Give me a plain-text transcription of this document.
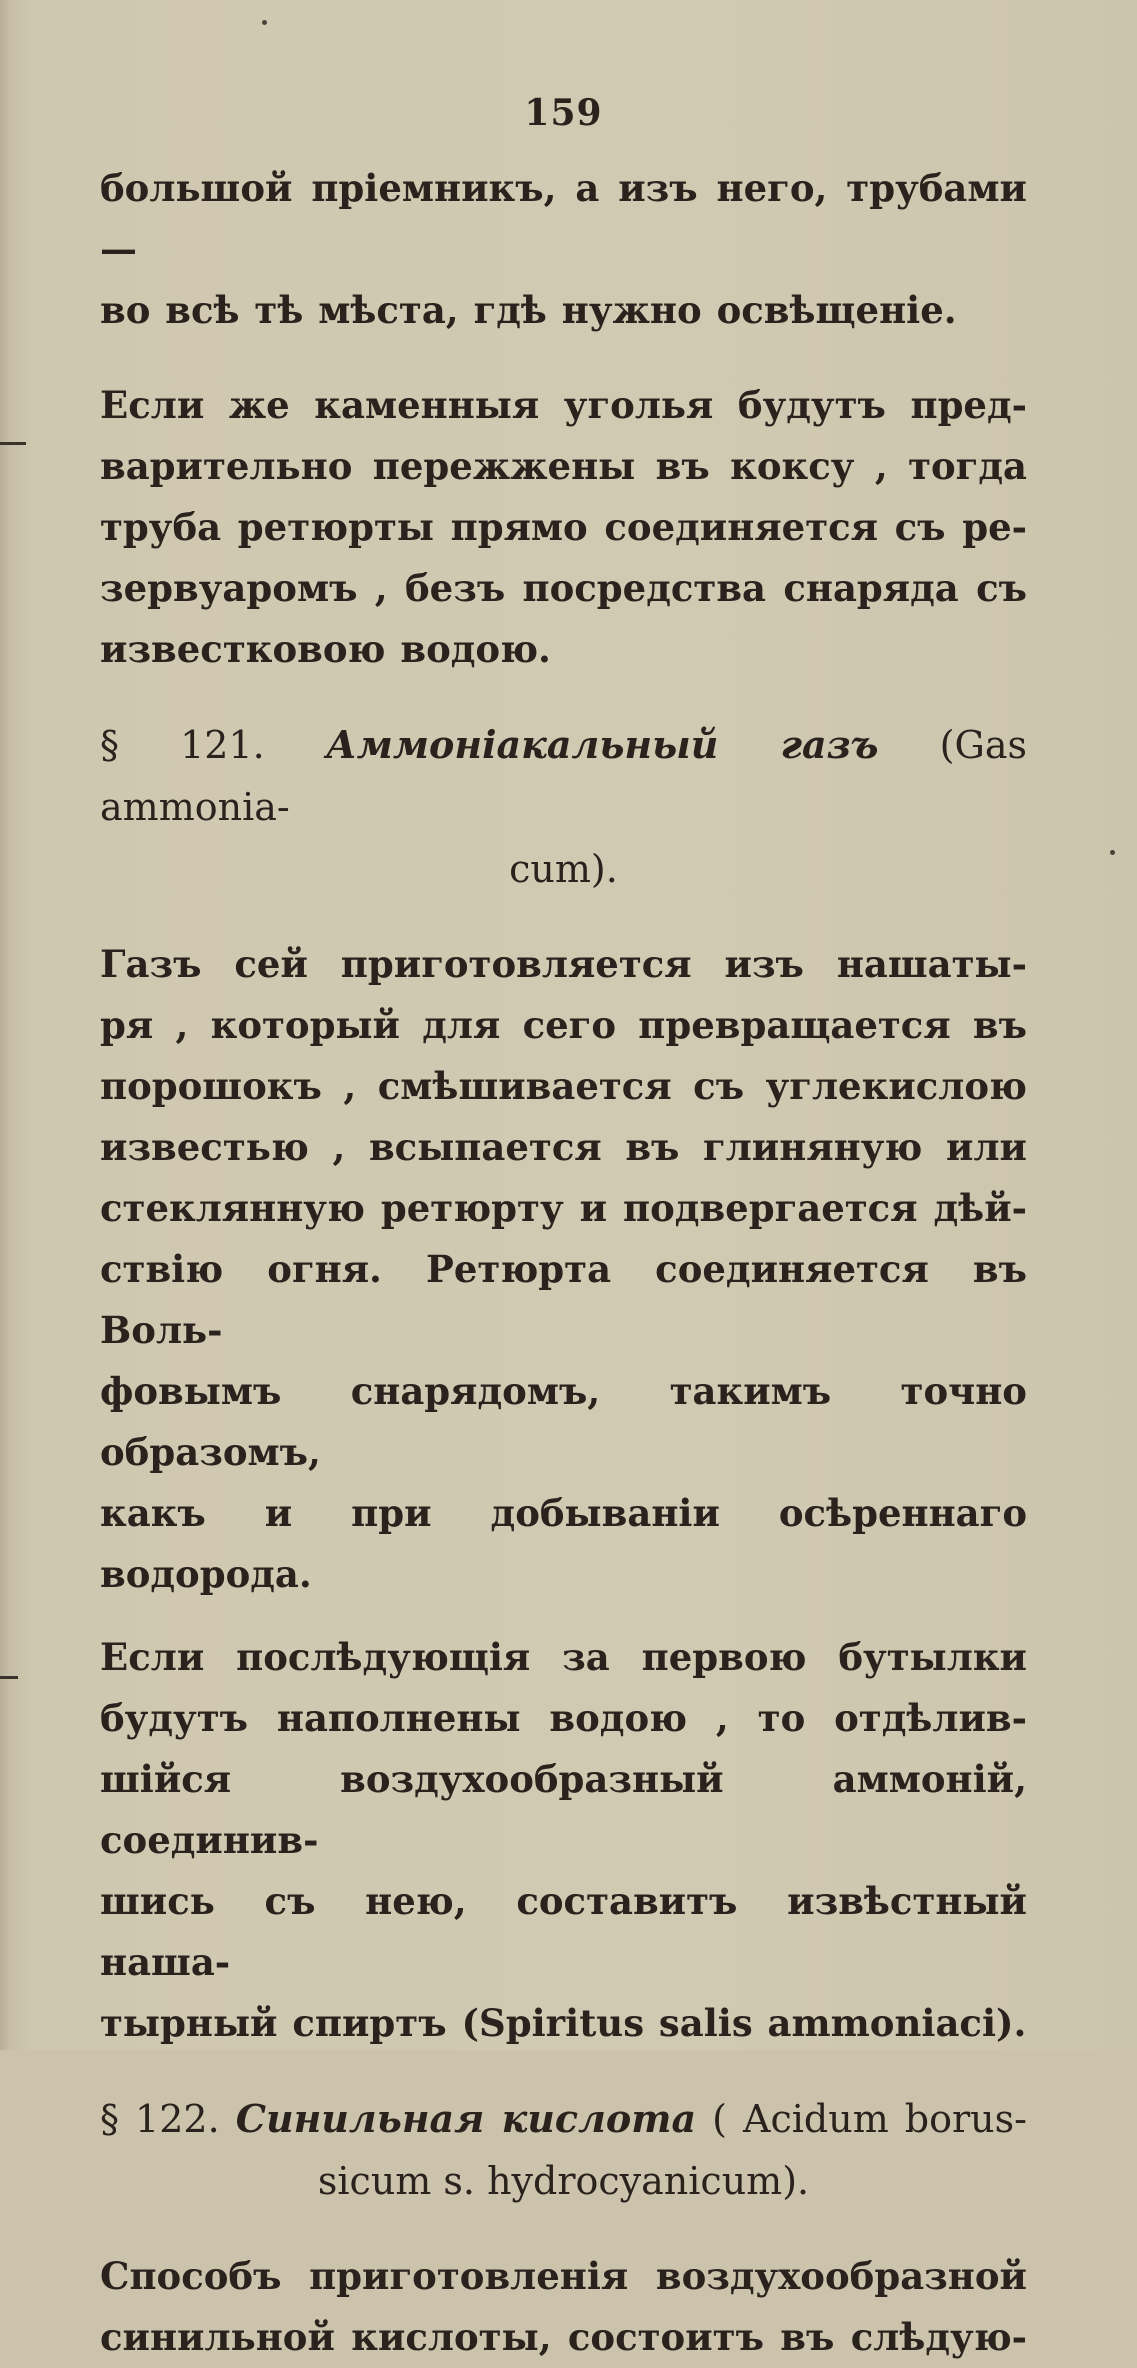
159

большой пріемникъ, а изъ него, трубами —

во всѣ тѣ мѣста, гдѣ нужно освѣщеніе.

Если же каменныя уголья будутъ пред-

варительно пережжены въ коксу , тогда

труба ретюрты прямо соединяется съ ре-

зервуаромъ , безъ посредства снаряда съ

известковою водою.

§ 121. Аммоніакальный газъ (Gas ammonia-

cum).

Газъ сей приготовляется изъ нашаты-

ря , который для сего превращается въ

порошокъ , смѣшивается съ углекислою

известью , всыпается въ глиняную или

стеклянную ретюрту и подвергается дѣй-

ствію огня. Ретюрта соединяется въ Воль-

фовымъ снарядомъ, такимъ точно образомъ,

какъ и при добываніи осѣреннаго водорода.

Если послѣдующія за первою бутылки

будутъ наполнены водою , то отдѣлив-

шійся воздухообразный аммоній, соединив-

шись съ нею, составитъ извѣстный наша-

тырный спиртъ (Spiritus salis ammoniaci).

§ 122. Синильная кислота ( Acidum borus-

sicum s. hydrocyanicum).

Способъ приготовленія воздухообразной

синильной кислоты, состоитъ въ слѣдую-
